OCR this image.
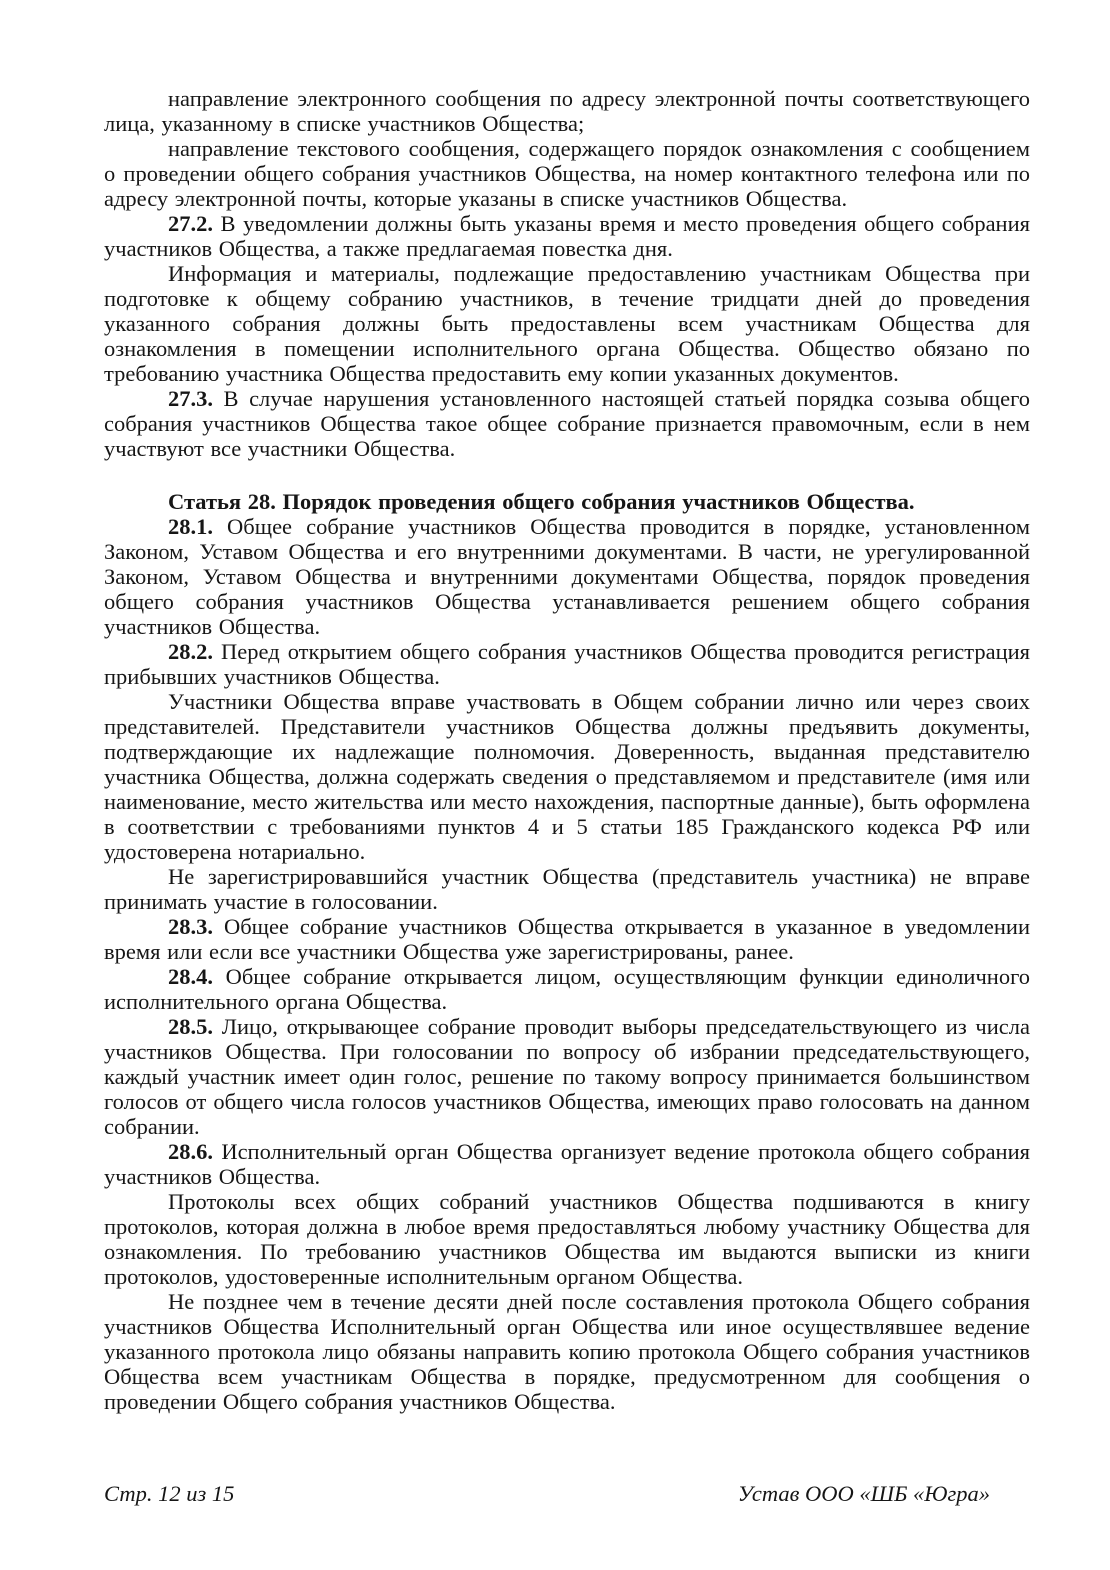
направление электронного сообщения по адресу электронной почты соответствующего лица, указанному в списке участников Общества;

направление текстового сообщения, содержащего порядок ознакомления с сообщением о проведении общего собрания участников Общества, на номер контактного телефона или по адресу электронной почты, которые указаны в списке участников Общества.

27.2. В уведомлении должны быть указаны время и место проведения общего собрания участников Общества, а также предлагаемая повестка дня.

Информация и материалы, подлежащие предоставлению участникам Общества при подготовке к общему собранию участников, в течение тридцати дней до проведения указанного собрания должны быть предоставлены всем участникам Общества для ознакомления в помещении исполнительного органа Общества. Общество обязано по требованию участника Общества предоставить ему копии указанных документов.

27.3. В случае нарушения установленного настоящей статьей порядка созыва общего собрания участников Общества такое общее собрание признается правомочным, если в нем участвуют все участники Общества.

Статья 28. Порядок проведения общего собрания участников Общества.

28.1. Общее собрание участников Общества проводится в порядке, установленном Законом, Уставом Общества и его внутренними документами. В части, не урегулированной Законом, Уставом Общества и внутренними документами Общества, порядок проведения общего собрания участников Общества устанавливается решением общего собрания участников Общества.

28.2. Перед открытием общего собрания участников Общества проводится регистрация прибывших участников Общества.

Участники Общества вправе участвовать в Общем собрании лично или через своих представителей. Представители участников Общества должны предъявить документы, подтверждающие их надлежащие полномочия. Доверенность, выданная представителю участника Общества, должна содержать сведения о представляемом и представителе (имя или наименование, место жительства или место нахождения, паспортные данные), быть оформлена в соответствии с требованиями пунктов 4 и 5 статьи 185 Гражданского кодекса РФ или удостоверена нотариально.

Не зарегистрировавшийся участник Общества (представитель участника) не вправе принимать участие в голосовании.

28.3. Общее собрание участников Общества открывается в указанное в уведомлении время или если все участники Общества уже зарегистрированы, ранее.

28.4. Общее собрание открывается лицом, осуществляющим функции единоличного исполнительного органа Общества.

28.5. Лицо, открывающее собрание проводит выборы председательствующего из числа участников Общества. При голосовании по вопросу об избрании председательствующего, каждый участник имеет один голос, решение по такому вопросу принимается большинством голосов от общего числа голосов участников Общества, имеющих право голосовать на данном собрании.

28.6. Исполнительный орган Общества организует ведение протокола общего собрания участников Общества.

Протоколы всех общих собраний участников Общества подшиваются в книгу протоколов, которая должна в любое время предоставляться любому участнику Общества для ознакомления. По требованию участников Общества им выдаются выписки из книги протоколов, удостоверенные исполнительным органом Общества.

Не позднее чем в течение десяти дней после составления протокола Общего собрания участников Общества Исполнительный орган Общества или иное осуществлявшее ведение указанного протокола лицо обязаны направить копию протокола Общего собрания участников Общества всем участникам Общества в порядке, предусмотренном для сообщения о проведении Общего собрания участников Общества.

Стр. 12 из 15	Устав ООО «ШБ «Югра»
